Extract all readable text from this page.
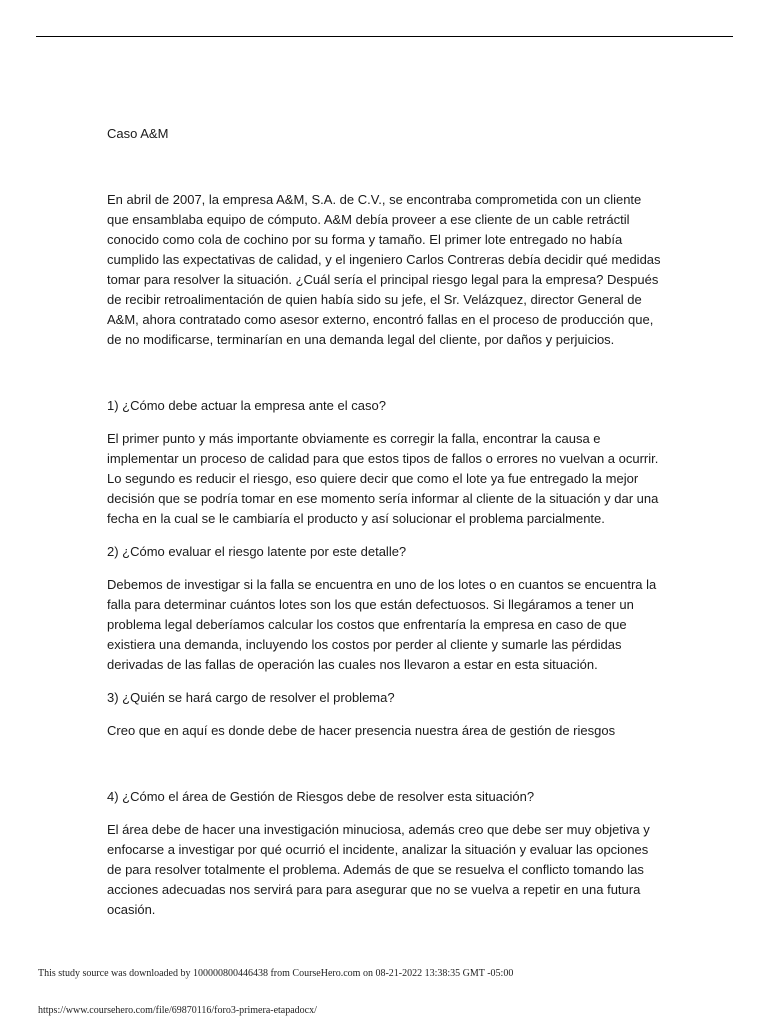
Caso A&M

En abril de 2007, la empresa A&M, S.A. de C.V., se encontraba comprometida con un cliente que ensamblaba equipo de cómputo. A&M debía proveer a ese cliente de un cable retráctil conocido como cola de cochino por su forma y tamaño. El primer lote entregado no había cumplido las expectativas de calidad, y el ingeniero Carlos Contreras debía decidir qué medidas tomar para resolver la situación. ¿Cuál sería el principal riesgo legal para la empresa? Después de recibir retroalimentación de quien había sido su jefe, el Sr. Velázquez, director General de A&M, ahora contratado como asesor externo, encontró fallas en el proceso de producción que, de no modificarse, terminarían en una demanda legal del cliente, por daños y perjuicios.

1) ¿Cómo debe actuar la empresa ante el caso?

El primer punto y más importante obviamente es corregir la falla, encontrar la causa e implementar un proceso de calidad para que estos tipos de fallos o errores no vuelvan a ocurrir. Lo segundo es reducir el riesgo, eso quiere decir que como el lote ya fue entregado la mejor decisión que se podría tomar en ese momento sería informar al cliente de la situación y dar una fecha en la cual se le cambiaría el producto y así solucionar el problema parcialmente.

2) ¿Cómo evaluar el riesgo latente por este detalle?

Debemos de investigar si la falla se encuentra en uno de los lotes o en cuantos se encuentra la falla para determinar cuántos lotes son los que están defectuosos. Si llegáramos a tener un problema legal deberíamos calcular los costos que enfrentaría la empresa en caso de que existiera una demanda, incluyendo los costos por perder al cliente y sumarle las pérdidas derivadas de las fallas de operación las cuales nos llevaron a estar en esta situación.

3) ¿Quién se hará cargo de resolver el problema?

Creo que en aquí es donde debe de hacer presencia nuestra área de gestión de riesgos

4) ¿Cómo el área de Gestión de Riesgos debe de resolver esta situación?

El área debe de hacer una investigación minuciosa, además creo que debe ser muy objetiva y enfocarse a investigar por qué ocurrió el incidente, analizar la situación y evaluar las opciones de para resolver totalmente el problema. Además de que se resuelva el conflicto tomando las acciones adecuadas nos servirá para para asegurar que no se vuelva a repetir en una futura ocasión.

This study source was downloaded by 100000800446438 from CourseHero.com on 08-21-2022 13:38:35 GMT -05:00
https://www.coursehero.com/file/69870116/foro3-primera-etapadocx/
